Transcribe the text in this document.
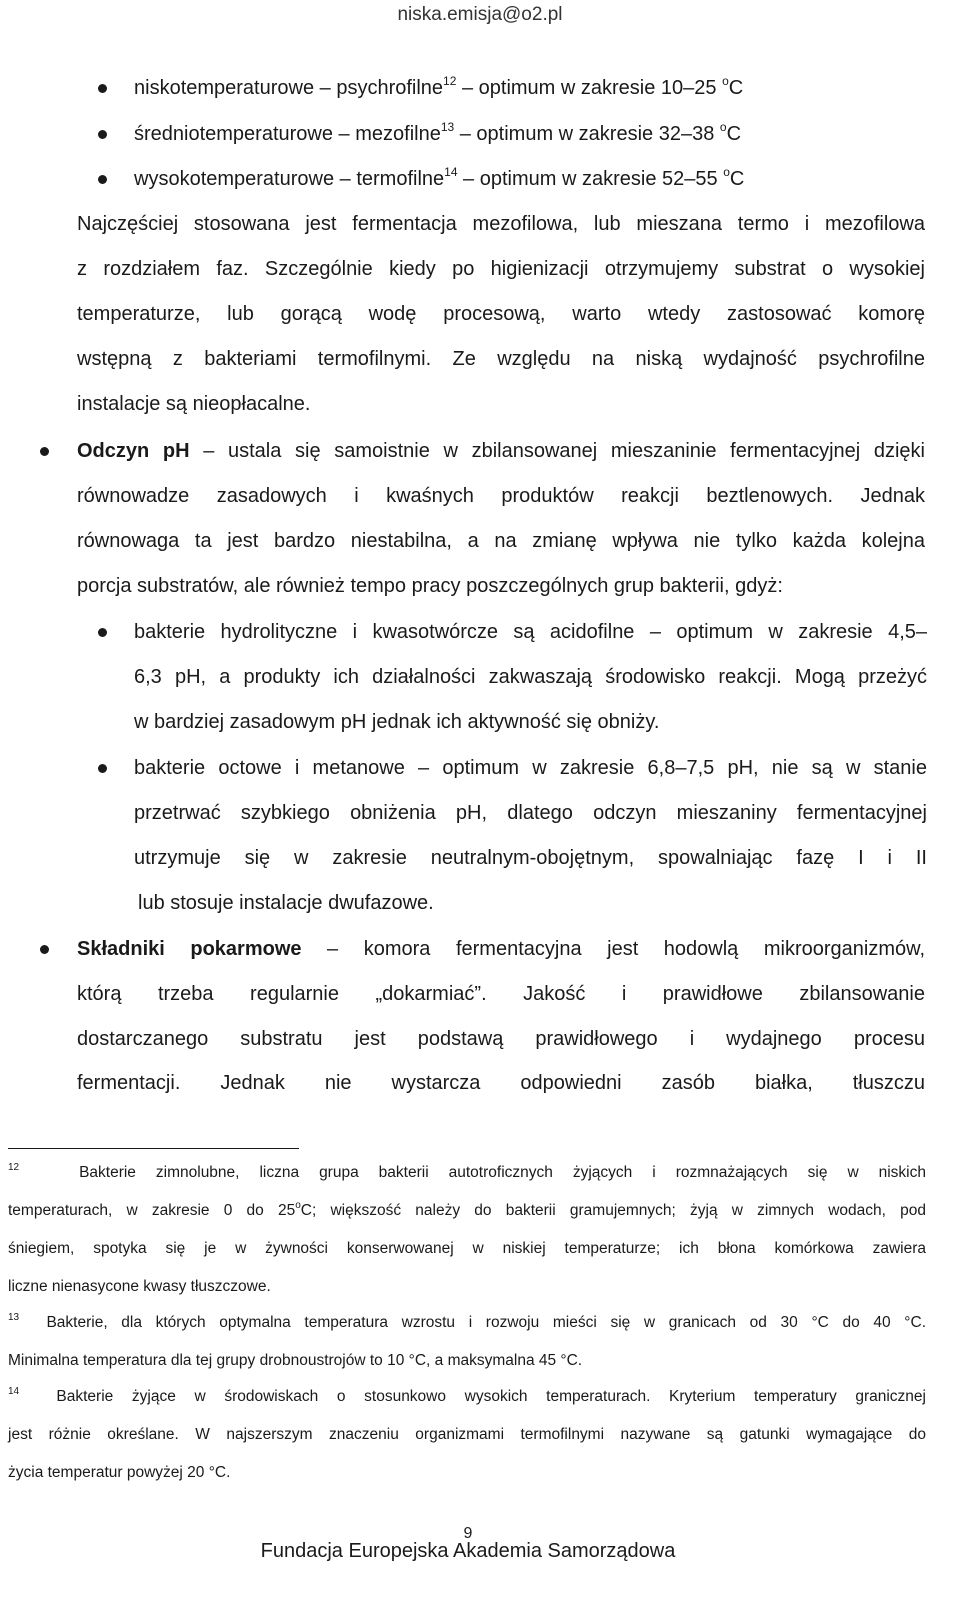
niska.emisja@o2.pl
niskotemperaturowe – psychrofilne$^{12}$ – optimum w zakresie 10–25 $^o$C
średniotemperaturowe – mezofilne$^{13}$ – optimum w zakresie 32–38 $^o$C
wysokotemperaturowe – termofilne$^{14}$ – optimum w zakresie 52–55 $^o$C
Najczęściej stosowana jest fermentacja mezofilowa, lub mieszana termo i mezofilowa
z rozdziałem faz. Szczególnie kiedy po higienizacji otrzymujemy substrat o wysokiej
temperaturze, lub gorącą wodę procesową, warto wtedy zastosować komorę
wstępną z bakteriami termofilnymi. Ze względu na niską wydajność psychrofilne
instalacje są nieopłacalne.
Odczyn pH – ustala się samoistnie w zbilansowanej mieszaninie fermentacyjnej dzięki
równowadze zasadowych i kwaśnych produktów reakcji beztlenowych. Jednak
równowaga ta jest bardzo niestabilna, a na zmianę wpływa nie tylko każda kolejna
porcja substratów, ale również tempo pracy poszczególnych grup bakterii, gdyż:
bakterie hydrolityczne i kwasotwórcze są acidofilne – optimum w zakresie 4,5–
6,3 pH, a produkty ich działalności zakwaszają środowisko reakcji. Mogą przeżyć
w bardziej zasadowym pH jednak ich aktywność się obniży.
bakterie octowe i metanowe – optimum w zakresie 6,8–7,5 pH, nie są w stanie
przetrwać szybkiego obniżenia pH, dlatego odczyn mieszaniny fermentacyjnej
utrzymuje się w zakresie neutralnym-obojętnym, spowalniając fazę I i II
lub stosuje instalacje dwufazowe.
Składniki pokarmowe – komora fermentacyjna jest hodowlą mikroorganizmów,
którą trzeba regularnie „dokarmiać”. Jakość i prawidłowe zbilansowanie
dostarczanego substratu jest podstawą prawidłowego i wydajnego procesu
fermentacji. Jednak nie wystarcza odpowiedni zasób białka, tłuszczu
$^{12}$	Bakterie zimnolubne, liczna grupa bakterii autotroficznych żyjących i rozmnażających się w niskich
temperaturach, w zakresie 0 do 25$^o$C; większość należy do bakterii gramujemnych; żyją w zimnych wodach, pod
śniegiem, spotyka się je w żywności konserwowanej w niskiej temperaturze; ich błona komórkowa zawiera
liczne nienasycone kwasy tłuszczowe.
$^{13}$ Bakterie, dla których optymalna temperatura wzrostu i rozwoju mieści się w granicach od 30 °C do 40 °C.
Minimalna temperatura dla tej grupy drobnoustrojów to 10 °C, a maksymalna 45 °C.
$^{14}$ Bakterie żyjące w środowiskach o stosunkowo wysokich temperaturach. Kryterium temperatury granicznej
jest różnie określane. W najszerszym znaczeniu organizmami termofilnymi nazywane są gatunki wymagające do
życia temperatur powyżej 20 °C.
9
Fundacja Europejska Akademia Samorządowa
